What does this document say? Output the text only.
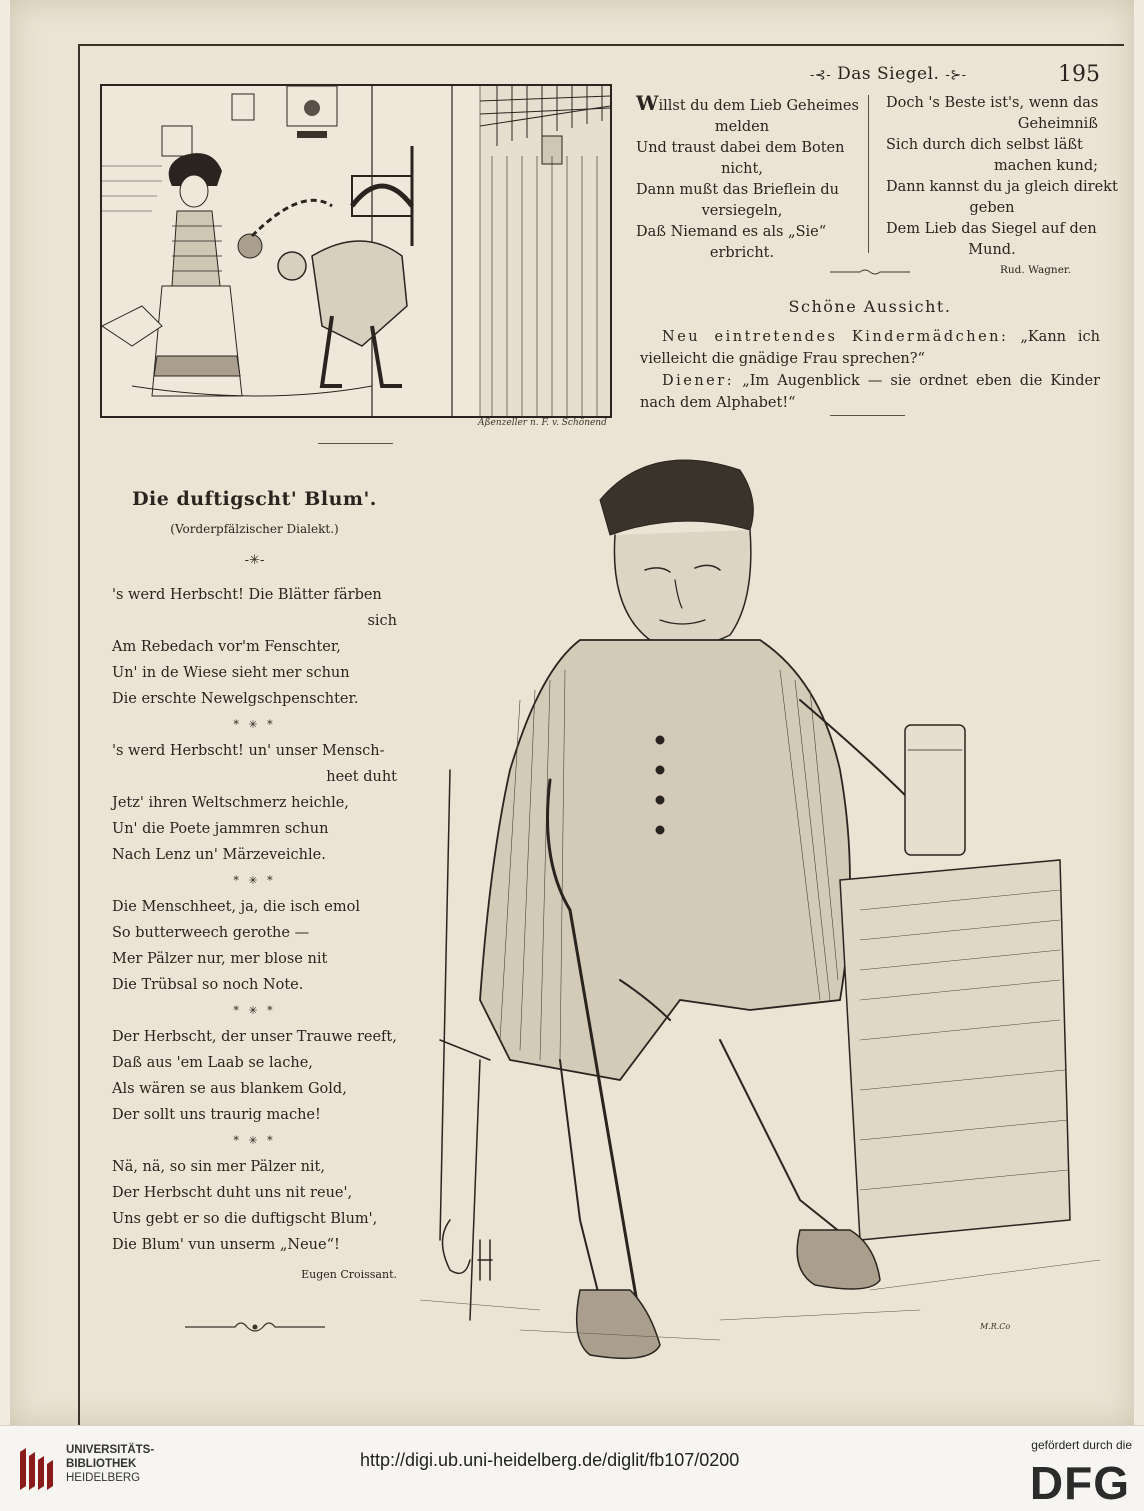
-⊰- Das Siegel. -⊱-	195
Aßenzeller n. F. v. Schönend
Willst du dem Lieb Geheimes
melden
Und traust dabei dem Boten
nicht,
Dann mußt das Brieflein du
versiegeln,
Daß Niemand es als „Sie“
erbricht.
Doch 's Beste ist's, wenn das
Geheimniß
Sich durch dich selbst läßt
machen kund;
Dann kannst du ja gleich direkt
geben
Dem Lieb das Siegel auf den
Mund.
Rud. Wagner.
Schöne Aussicht.

Neu eintretendes Kindermädchen: „Kann ich vielleicht die gnädige Frau sprechen?“

Diener: „Im Augenblick — sie ordnet eben die Kinder nach dem Alphabet!“

Die duftigscht' Blum'.
(Vorderpfälzischer Dialekt.)
-✳-
's werd Herbscht! Die Blätter färben
sich
Am Rebedach vor'm Fenschter,
Un' in de Wiese sieht mer schun
Die erschte Newelgschpenschter.
* ✳ *
's werd Herbscht! un' unser Mensch-
heet duht
Jetz' ihren Weltschmerz heichle,
Un' die Poete jammren schun
Nach Lenz un' Märzeveichle.
* ✳ *
Die Menschheet, ja, die isch emol
So butterweech gerothe —
Mer Pälzer nur, mer blose nit
Die Trübsal so noch Note.
* ✳ *
Der Herbscht, der unser Trauwe reeft,
Daß aus 'em Laab se lache,
Als wären se aus blankem Gold,
Der sollt uns traurig mache!
* ✳ *
Nä, nä, so sin mer Pälzer nit,
Der Herbscht duht uns nit reue',
Uns gebt er so die duftigscht Blum',
Die Blum' vun unserm „Neue“!
Eugen Croissant.
M.R.Co
UNIVERSITÄTS-
BIBLIOTHEK
HEIDELBERG
http://digi.ub.uni-heidelberg.de/diglit/fb107/0200
gefördert durch die
DFG
